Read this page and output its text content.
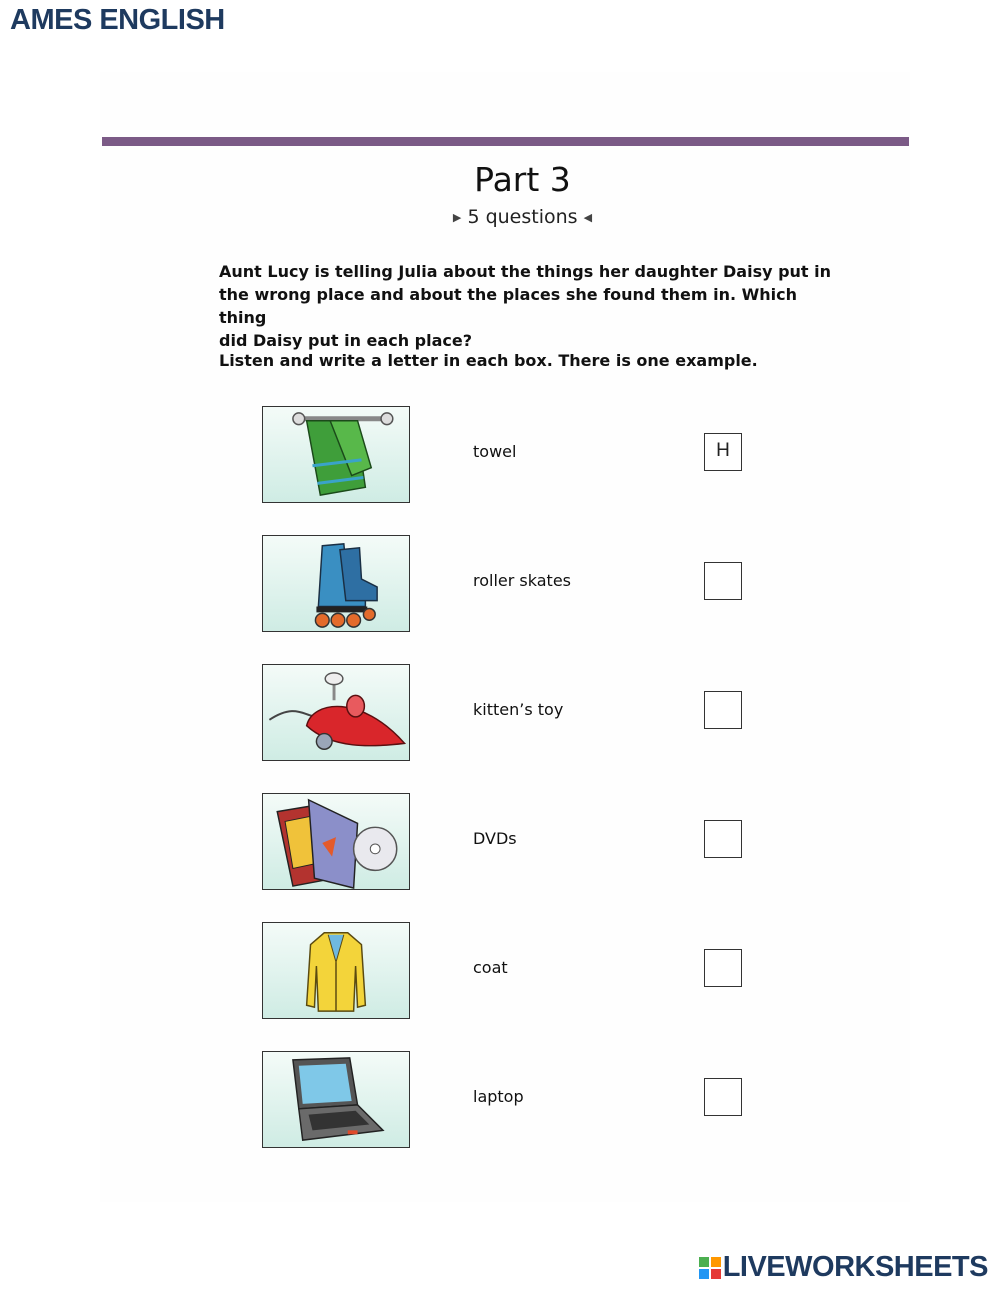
AMES ENGLISH
Part 3
▶ 5 questions ◀
Aunt Lucy is telling Julia about the things her daughter Daisy put in
the wrong place and about the places she found them in. Which thing
did Daisy put in each place?
Listen and write a letter in each box. There is one example.
towel	H
roller skates
kitten’s toy
DVDs
coat
laptop
LIVEWORKSHEETS
